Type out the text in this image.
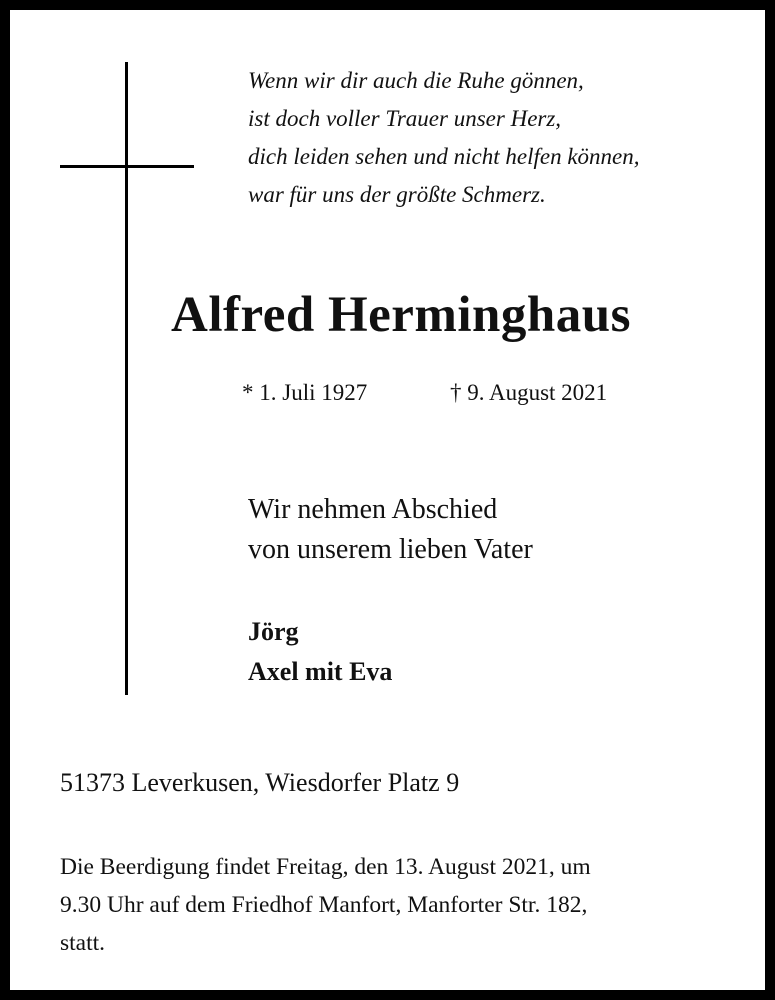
Wenn wir dir auch die Ruhe gönnen,
ist doch voller Trauer unser Herz,
dich leiden sehen und nicht helfen können,
war für uns der größte Schmerz.
Alfred Herminghaus
* 1. Juli 1927	† 9. August 2021
Wir nehmen Abschied
von unserem lieben Vater
Jörg
Axel mit Eva
51373 Leverkusen, Wiesdorfer Platz 9
Die Beerdigung findet Freitag, den 13. August 2021, um
9.30 Uhr auf dem Friedhof Manfort, Manforter Str. 182,
statt.
